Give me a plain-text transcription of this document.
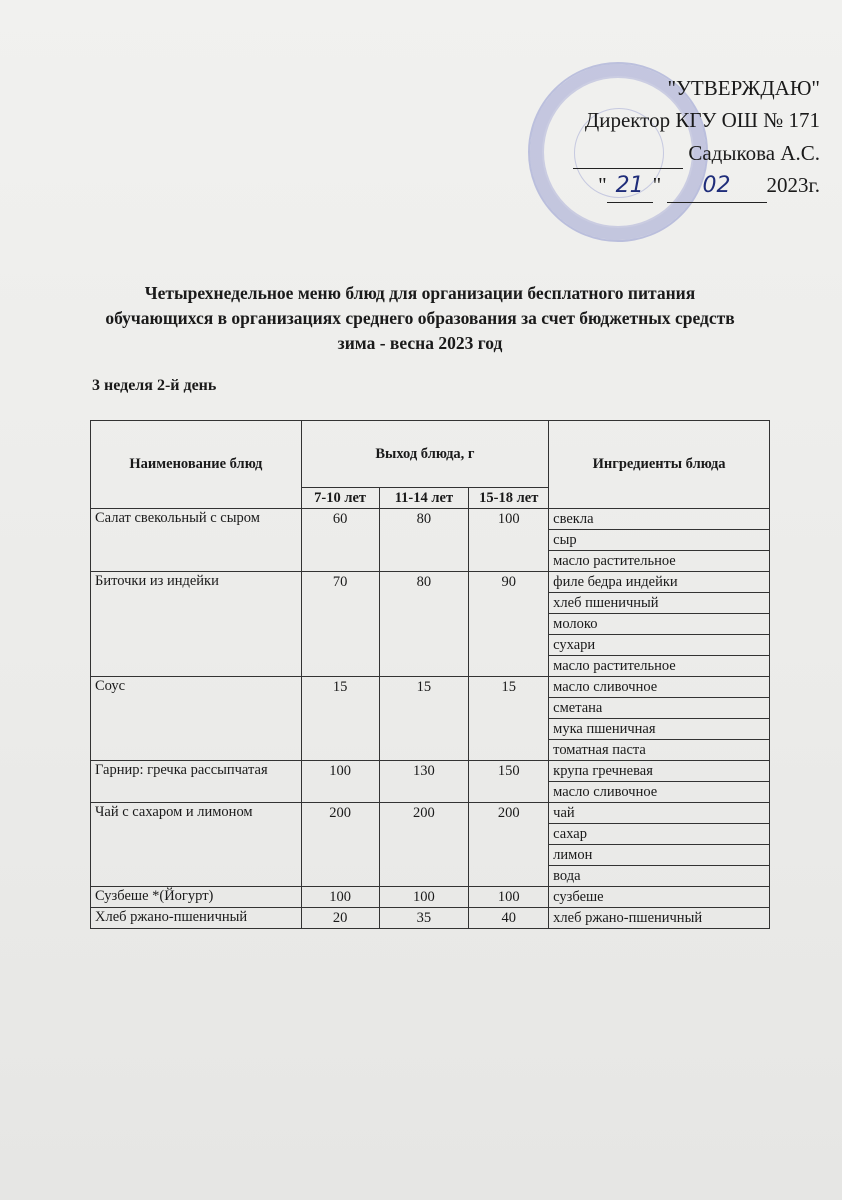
"УТВЕРЖДАЮ"
Директор КГУ ОШ № 171
Садыкова А.С.
" 21 " 02 2023г.
Четырехнедельное меню блюд для организации бесплатного питания
обучающихся в организациях среднего образования за счет бюджетных средств
зима - весна 2023 год
3 неделя 2-й день
Наименование блюд	Выход блюда, г			Ингредиенты блюда
	7-10 лет	11-14 лет	15-18 лет	
Салат свекольный с сыром	60	80	100	свекла
				сыр
				масло растительное
Биточки из индейки	70	80	90	филе бедра индейки
				хлеб пшеничный
				молоко
				сухари
				масло растительное
Соус	15	15	15	масло сливочное
				сметана
				мука пшеничная
				томатная паста
Гарнир: гречка рассыпчатая	100	130	150	крупа гречневая
				масло сливочное
Чай с сахаром и лимоном	200	200	200	чай
				сахар
				лимон
				вода
Сузбеше *(Йогурт)	100	100	100	сузбеше
Хлеб ржано-пшеничный	20	35	40	хлеб ржано-пшеничный
